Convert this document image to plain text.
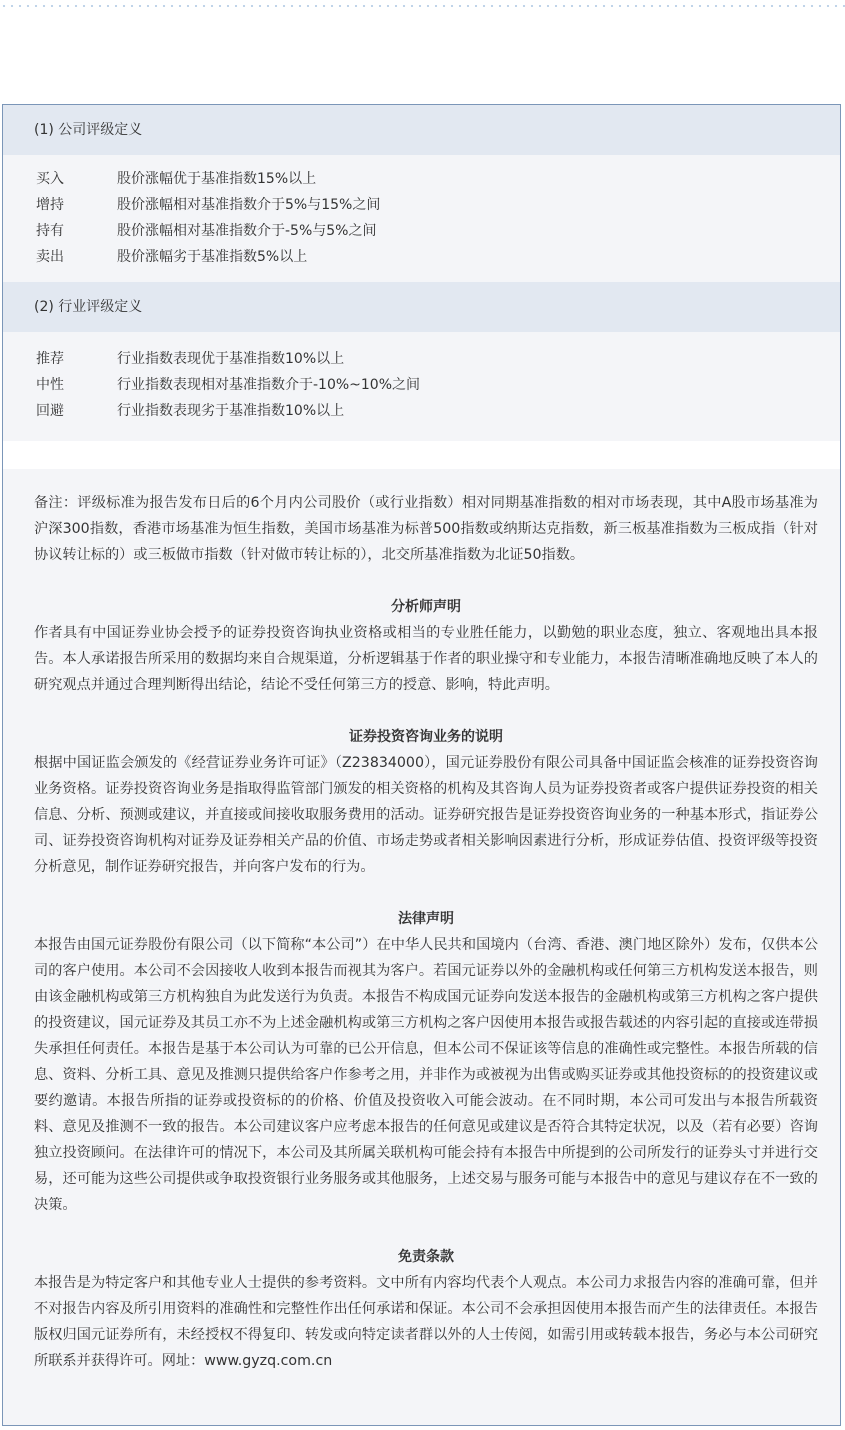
(1) 公司评级定义
买入	股价涨幅优于基准指数15%以上
增持	股价涨幅相对基准指数介于5%与15%之间
持有	股价涨幅相对基准指数介于-5%与5%之间
卖出	股价涨幅劣于基准指数5%以上
(2) 行业评级定义
推荐	行业指数表现优于基准指数10%以上
中性	行业指数表现相对基准指数介于-10%~10%之间
回避	行业指数表现劣于基准指数10%以上

备注：评级标准为报告发布日后的6个月内公司股价（或行业指数）相对同期基准指数的相对市场表现，其中A股市场基准为沪深300指数，香港市场基准为恒生指数，美国市场基准为标普500指数或纳斯达克指数，新三板基准指数为三板成指（针对协议转让标的）或三板做市指数（针对做市转让标的），北交所基准指数为北证50指数。

分析师声明

作者具有中国证券业协会授予的证券投资咨询执业资格或相当的专业胜任能力，以勤勉的职业态度，独立、客观地出具本报告。本人承诺报告所采用的数据均来自合规渠道，分析逻辑基于作者的职业操守和专业能力，本报告清晰准确地反映了本人的研究观点并通过合理判断得出结论，结论不受任何第三方的授意、影响，特此声明。

证券投资咨询业务的说明

根据中国证监会颁发的《经营证券业务许可证》（Z23834000），国元证券股份有限公司具备中国证监会核准的证券投资咨询业务资格。证券投资咨询业务是指取得监管部门颁发的相关资格的机构及其咨询人员为证券投资者或客户提供证券投资的相关信息、分析、预测或建议，并直接或间接收取服务费用的活动。证券研究报告是证券投资咨询业务的一种基本形式，指证券公司、证券投资咨询机构对证券及证券相关产品的价值、市场走势或者相关影响因素进行分析，形成证券估值、投资评级等投资分析意见，制作证券研究报告，并向客户发布的行为。

法律声明

本报告由国元证券股份有限公司（以下简称“本公司”）在中华人民共和国境内（台湾、香港、澳门地区除外）发布，仅供本公司的客户使用。本公司不会因接收人收到本报告而视其为客户。若国元证券以外的金融机构或任何第三方机构发送本报告，则由该金融机构或第三方机构独自为此发送行为负责。本报告不构成国元证券向发送本报告的金融机构或第三方机构之客户提供的投资建议，国元证券及其员工亦不为上述金融机构或第三方机构之客户因使用本报告或报告载述的内容引起的直接或连带损失承担任何责任。本报告是基于本公司认为可靠的已公开信息，但本公司不保证该等信息的准确性或完整性。本报告所载的信息、资料、分析工具、意见及推测只提供给客户作参考之用，并非作为或被视为出售或购买证券或其他投资标的的投资建议或要约邀请。本报告所指的证券或投资标的的价格、价值及投资收入可能会波动。在不同时期，本公司可发出与本报告所载资料、意见及推测不一致的报告。本公司建议客户应考虑本报告的任何意见或建议是否符合其特定状况，以及（若有必要）咨询独立投资顾问。在法律许可的情况下，本公司及其所属关联机构可能会持有本报告中所提到的公司所发行的证券头寸并进行交易，还可能为这些公司提供或争取投资银行业务服务或其他服务，上述交易与服务可能与本报告中的意见与建议存在不一致的决策。

免责条款

本报告是为特定客户和其他专业人士提供的参考资料。文中所有内容均代表个人观点。本公司力求报告内容的准确可靠，但并不对报告内容及所引用资料的准确性和完整性作出任何承诺和保证。本公司不会承担因使用本报告而产生的法律责任。本报告版权归国元证券所有，未经授权不得复印、转发或向特定读者群以外的人士传阅，如需引用或转载本报告，务必与本公司研究所联系并获得许可。网址：www.gyzq.com.cn
